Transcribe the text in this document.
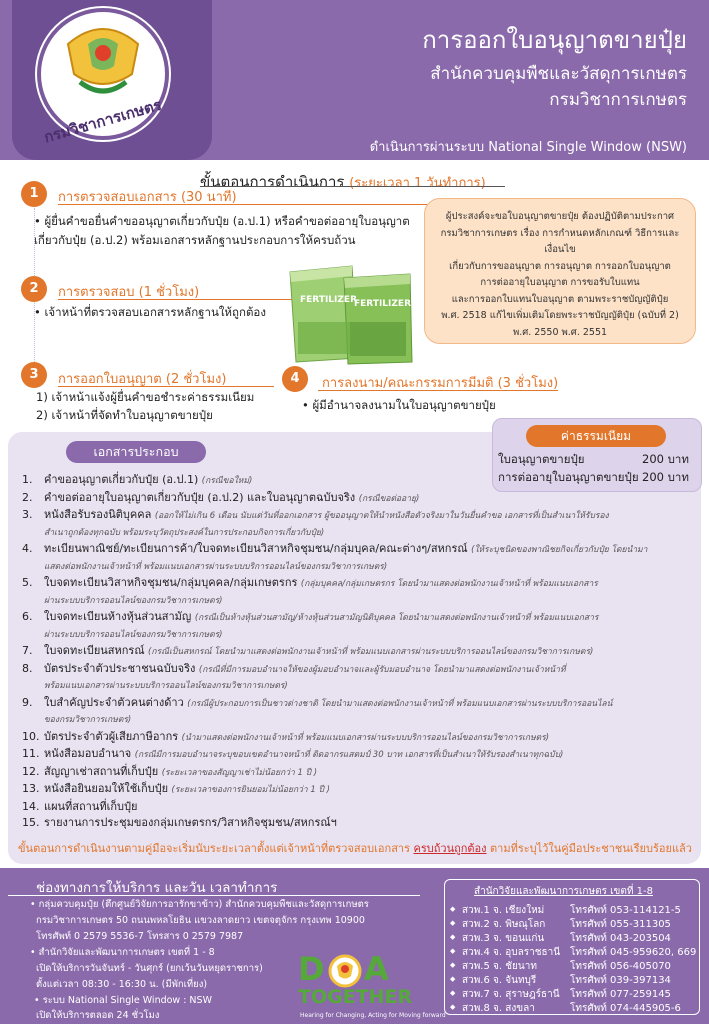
กรมวิชาการเกษตร
การออกใบอนุญาตขายปุ๋ย
สำนักควบคุมพืชและวัสดุการเกษตร
กรมวิชาการเกษตร
ดำเนินการผ่านระบบ National Single Window (NSW)
ขั้นตอนการดำเนินการ (ระยะเวลา 1 วันทำการ)
1	การตรวจสอบเอกสาร (30 นาที)
• ผู้ยื่นคำขอยื่นคำขออนุญาตเกี่ยวกับปุ๋ย (อ.ป.1) หรือคำขอต่ออายุใบอนุญาต
เกี่ยวกับปุ๋ย (อ.ป.2) พร้อมเอกสารหลักฐานประกอบการให้ครบถ้วน
2	การตรวจสอบ (1 ชั่วโมง)
• เจ้าหน้าที่ตรวจสอบเอกสารหลักฐานให้ถูกต้อง
3	การออกใบอนุญาต (2 ชั่วโมง)
1) เจ้าหน้าแจ้งผู้ยื่นคำขอชำระค่าธรรมเนียม
2) เจ้าหน้าที่จัดทำใบอนุญาตขายปุ๋ย
4	การลงนาม/คณะกรรมการมีมติ (3 ชั่วโมง)
• ผู้มีอำนาจลงนามในใบอนุญาตขายปุ๋ย
ผู้ประสงค์จะขอใบอนุญาตขายปุ๋ย ต้องปฏิบัติตามประกาศ
กรมวิชาการเกษตร เรื่อง การกำหนดหลักเกณฑ์ วิธีการและเงื่อนไข
เกี่ยวกับการขออนุญาต การอนุญาต การออกใบอนุญาต
การต่ออายุใบอนุญาต การขอรับใบแทน
และการออกใบแทนใบอนุญาต ตามพระราชบัญญัติปุ๋ย
พ.ศ. 2518 แก้ไขเพิ่มเติมโดยพระราชบัญญัติปุ๋ย (ฉบับที่ 2)
พ.ศ. 2550 พ.ศ. 2551
FERTILIZER
FERTILIZER
ค่าธรรมเนียม
ใบอนุญาตขายปุ๋ย	200 บาท
การต่ออายุใบอนุญาตขายปุ๋ย 200 บาท
เอกสารประกอบ
1. คำขออนุญาตเกี่ยวกับปุ๋ย (อ.ป.1) (กรณีขอใหม่)
2. คำขอต่ออายุใบอนุญาตเกี่ยวกับปุ๋ย (อ.ป.2) และใบอนุญาตฉบับจริง (กรณีขอต่ออายุ)
3. หนังสือรับรองนิติบุคคล (ออกให้ไม่เกิน 6 เดือน นับแต่วันที่ออกเอกสาร ผู้ขออนุญาตให้นำหนังสือตัวจริงมาในวันยื่นคำขอ เอกสารที่เป็นสำเนาให้รับรอง
สำเนาถูกต้องทุกฉบับ พร้อมระบุวัตถุประสงค์ในการประกอบกิจการเกี่ยวกับปุ๋ย)
4. ทะเบียนพาณิชย์/ทะเบียนการค้า/ใบจดทะเบียนวิสาหกิจชุมชน/กลุ่มบุคล/คณะต่างๆ/สหกรณ์ (ให้ระบุชนิดของพาณิชยกิจเกี่ยวกับปุ๋ย โดยนำมา
แสดงต่อพนักงานเจ้าหน้าที่ พร้อมแนบเอกสารผ่านระบบบริการออนไลน์ของกรมวิชาการเกษตร)
5. ใบจดทะเบียนวิสาหกิจชุมชน/กลุ่มบุคคล/กลุ่มเกษตรกร (กลุ่มบุคคล/กลุ่มเกษตรกร โดยนำมาแสดงต่อพนักงานเจ้าหน้าที่ พร้อมแนบเอกสาร
ผ่านระบบบริการออนไลน์ของกรมวิชาการเกษตร)
6. ใบจดทะเบียนห้างหุ้นส่วนสามัญ (กรณีเป็นห้างหุ้นส่วนสามัญ/ห้างหุ้นส่วนสามัญนิติบุคคล โดยนำมาแสดงต่อพนักงานเจ้าหน้าที่ พร้อมแนบเอกสาร
ผ่านระบบบริการออนไลน์ของกรมวิชาการเกษตร)
7. ใบจดทะเบียนสหกรณ์ (กรณีเป็นสหกรณ์ โดยนำมาแสดงต่อพนักงานเจ้าหน้าที่ พร้อมแนบเอกสารผ่านระบบบริการออนไลน์ของกรมวิชาการเกษตร)
8. บัตรประจำตัวประชาชนฉบับจริง (กรณีที่มีการมอบอำนาจให้ของผู้มอบอำนาจและผู้รับมอบอำนาจ โดยนำมาแสดงต่อพนักงานเจ้าหน้าที่
พร้อมแนบเอกสารผ่านระบบบริการออนไลน์ของกรมวิชาการเกษตร)
9. ใบสำคัญประจำตัวคนต่างด้าว (กรณีผู้ประกอบการเป็นชาวต่างชาติ โดยนำมาแสดงต่อพนักงานเจ้าหน้าที่ พร้อมแนบเอกสารผ่านระบบบริการออนไลน์
ของกรมวิชาการเกษตร)
10. บัตรประจำตัวผู้เสียภาษีอากร (นำมาแสดงต่อพนักงานเจ้าหน้าที่ พร้อมแนบเอกสารผ่านระบบบริการออนไลน์ของกรมวิชาการเกษตร)
11. หนังสือมอบอำนาจ (กรณีมีการมอบอำนาจระบุขอบเขตอำนาจหน้าที่ ติดอากรแสตมป์ 30 บาท เอกสารที่เป็นสำเนาให้รับรองสำเนาทุกฉบับ)
12. สัญญาเช่าสถานที่เก็บปุ๋ย (ระยะเวลาของสัญญาเช่าไม่น้อยกว่า 1 ปี )
13. หนังสือยินยอมให้ใช้เก็บปุ๋ย (ระยะเวลาของการยินยอมไม่น้อยกว่า 1 ปี )
14. แผนที่สถานที่เก็บปุ๋ย
15. รายงานการประชุมของกลุ่มเกษตรกร/วิสาหกิจชุมชน/สหกรณ์ฯ
ขั้นตอนการดำเนินงานตามคู่มือจะเริ่มนับระยะเวลาตั้งแต่เจ้าหน้าที่ตรวจสอบเอกสาร ครบถ้วนถูกต้อง ตามที่ระบุไว้ในคู่มือประชาชนเรียบร้อยแล้ว
ช่องทางการให้บริการ และวัน เวลาทำการ
• กลุ่มควบคุมปุ๋ย (ตึกศูนย์วิจัยการอารักขาข้าว) สำนักควบคุมพืชและวัสดุการเกษตร
กรมวิชาการเกษตร 50 ถนนพหลโยธิน แขวงลาดยาว เขตจตุจักร กรุงเทพ 10900
โทรศัพท์ 0 2579 5536-7 โทรสาร 0 2579 7987
• สำนักวิจัยและพัฒนาการเกษตร เขตที่ 1 - 8
เปิดให้บริการวันจันทร์ - วันศุกร์ (ยกเว้นวันหยุดราชการ)
ตั้งแต่เวลา 08:30 - 16:30 น. (มีพักเที่ยง)
• ระบบ National Single Window : NSW
เปิดให้บริการตลอด 24 ชั่วโมง
D A
TOGETHER
Hearing for Changing, Acting for Moving forward
สำนักวิจัยและพัฒนาการเกษตร เขตที่ 1-8
◆ สวพ.1 จ. เชียงใหม่	โทรศัพท์ 053-114121-5
◆ สวพ.2 จ. พิษณุโลก โทรศัพท์ 055-311305
◆ สวพ.3 จ. ขอนแก่น	โทรศัพท์ 043-203504
◆ สวพ.4 จ. อุบลราชธานี โทรศัพท์ 045-959620, 669
◆ สวพ.5 จ. ชัยนาท	โทรศัพท์ 056-405070
◆ สวพ.6 จ. จันทบุรี	โทรศัพท์ 039-397134
◆ สวพ.7 จ. สุราษฎร์ธานี โทรศัพท์ 077-259145
◆ สวพ.8 จ. สงขลา	โทรศัพท์ 074-445905-6
